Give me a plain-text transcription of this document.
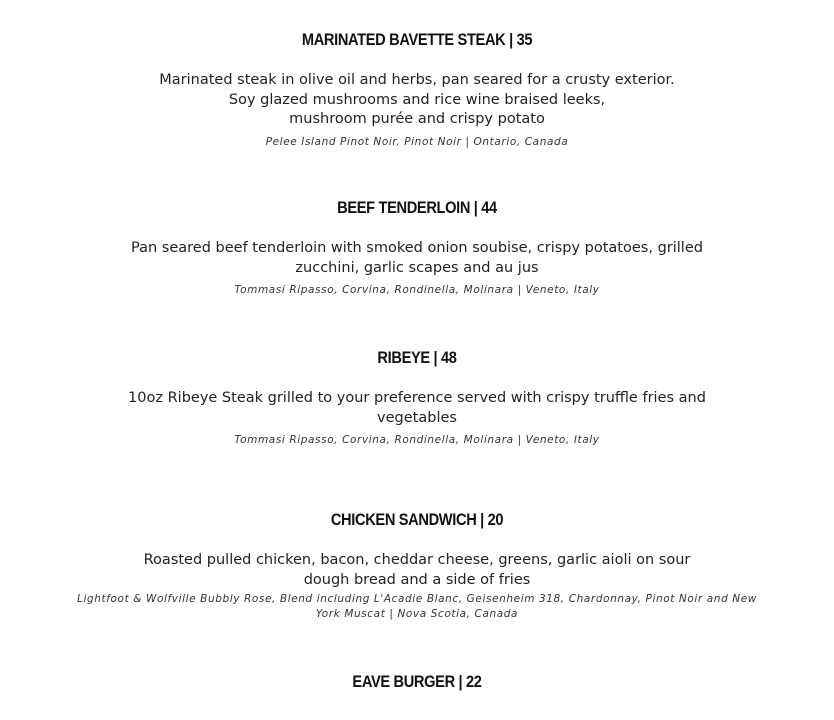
MARINATED BAVETTE STEAK | 35
Marinated steak in olive oil and herbs, pan seared for a crusty exterior.
Soy glazed mushrooms and rice wine braised leeks,
mushroom purée and crispy potato
Pelee Island Pinot Noir, Pinot Noir | Ontario, Canada
BEEF TENDERLOIN | 44
Pan seared beef tenderloin with smoked onion soubise, crispy potatoes, grilled
zucchini, garlic scapes and au jus
Tommasi Ripasso, Corvina, Rondinella, Molinara | Veneto, Italy
RIBEYE | 48
10oz Ribeye Steak grilled to your preference served with crispy truffle fries and
vegetables
Tommasi Ripasso, Corvina, Rondinella, Molinara | Veneto, Italy
CHICKEN SANDWICH | 20
Roasted pulled chicken, bacon, cheddar cheese, greens, garlic aioli on sour
dough bread and a side of fries
Lightfoot & Wolfville Bubbly Rose, Blend including L'Acadie Blanc, Geisenheim 318, Chardonnay, Pinot Noir and New York Muscat | Nova Scotia, Canada
EAVE BURGER | 22
